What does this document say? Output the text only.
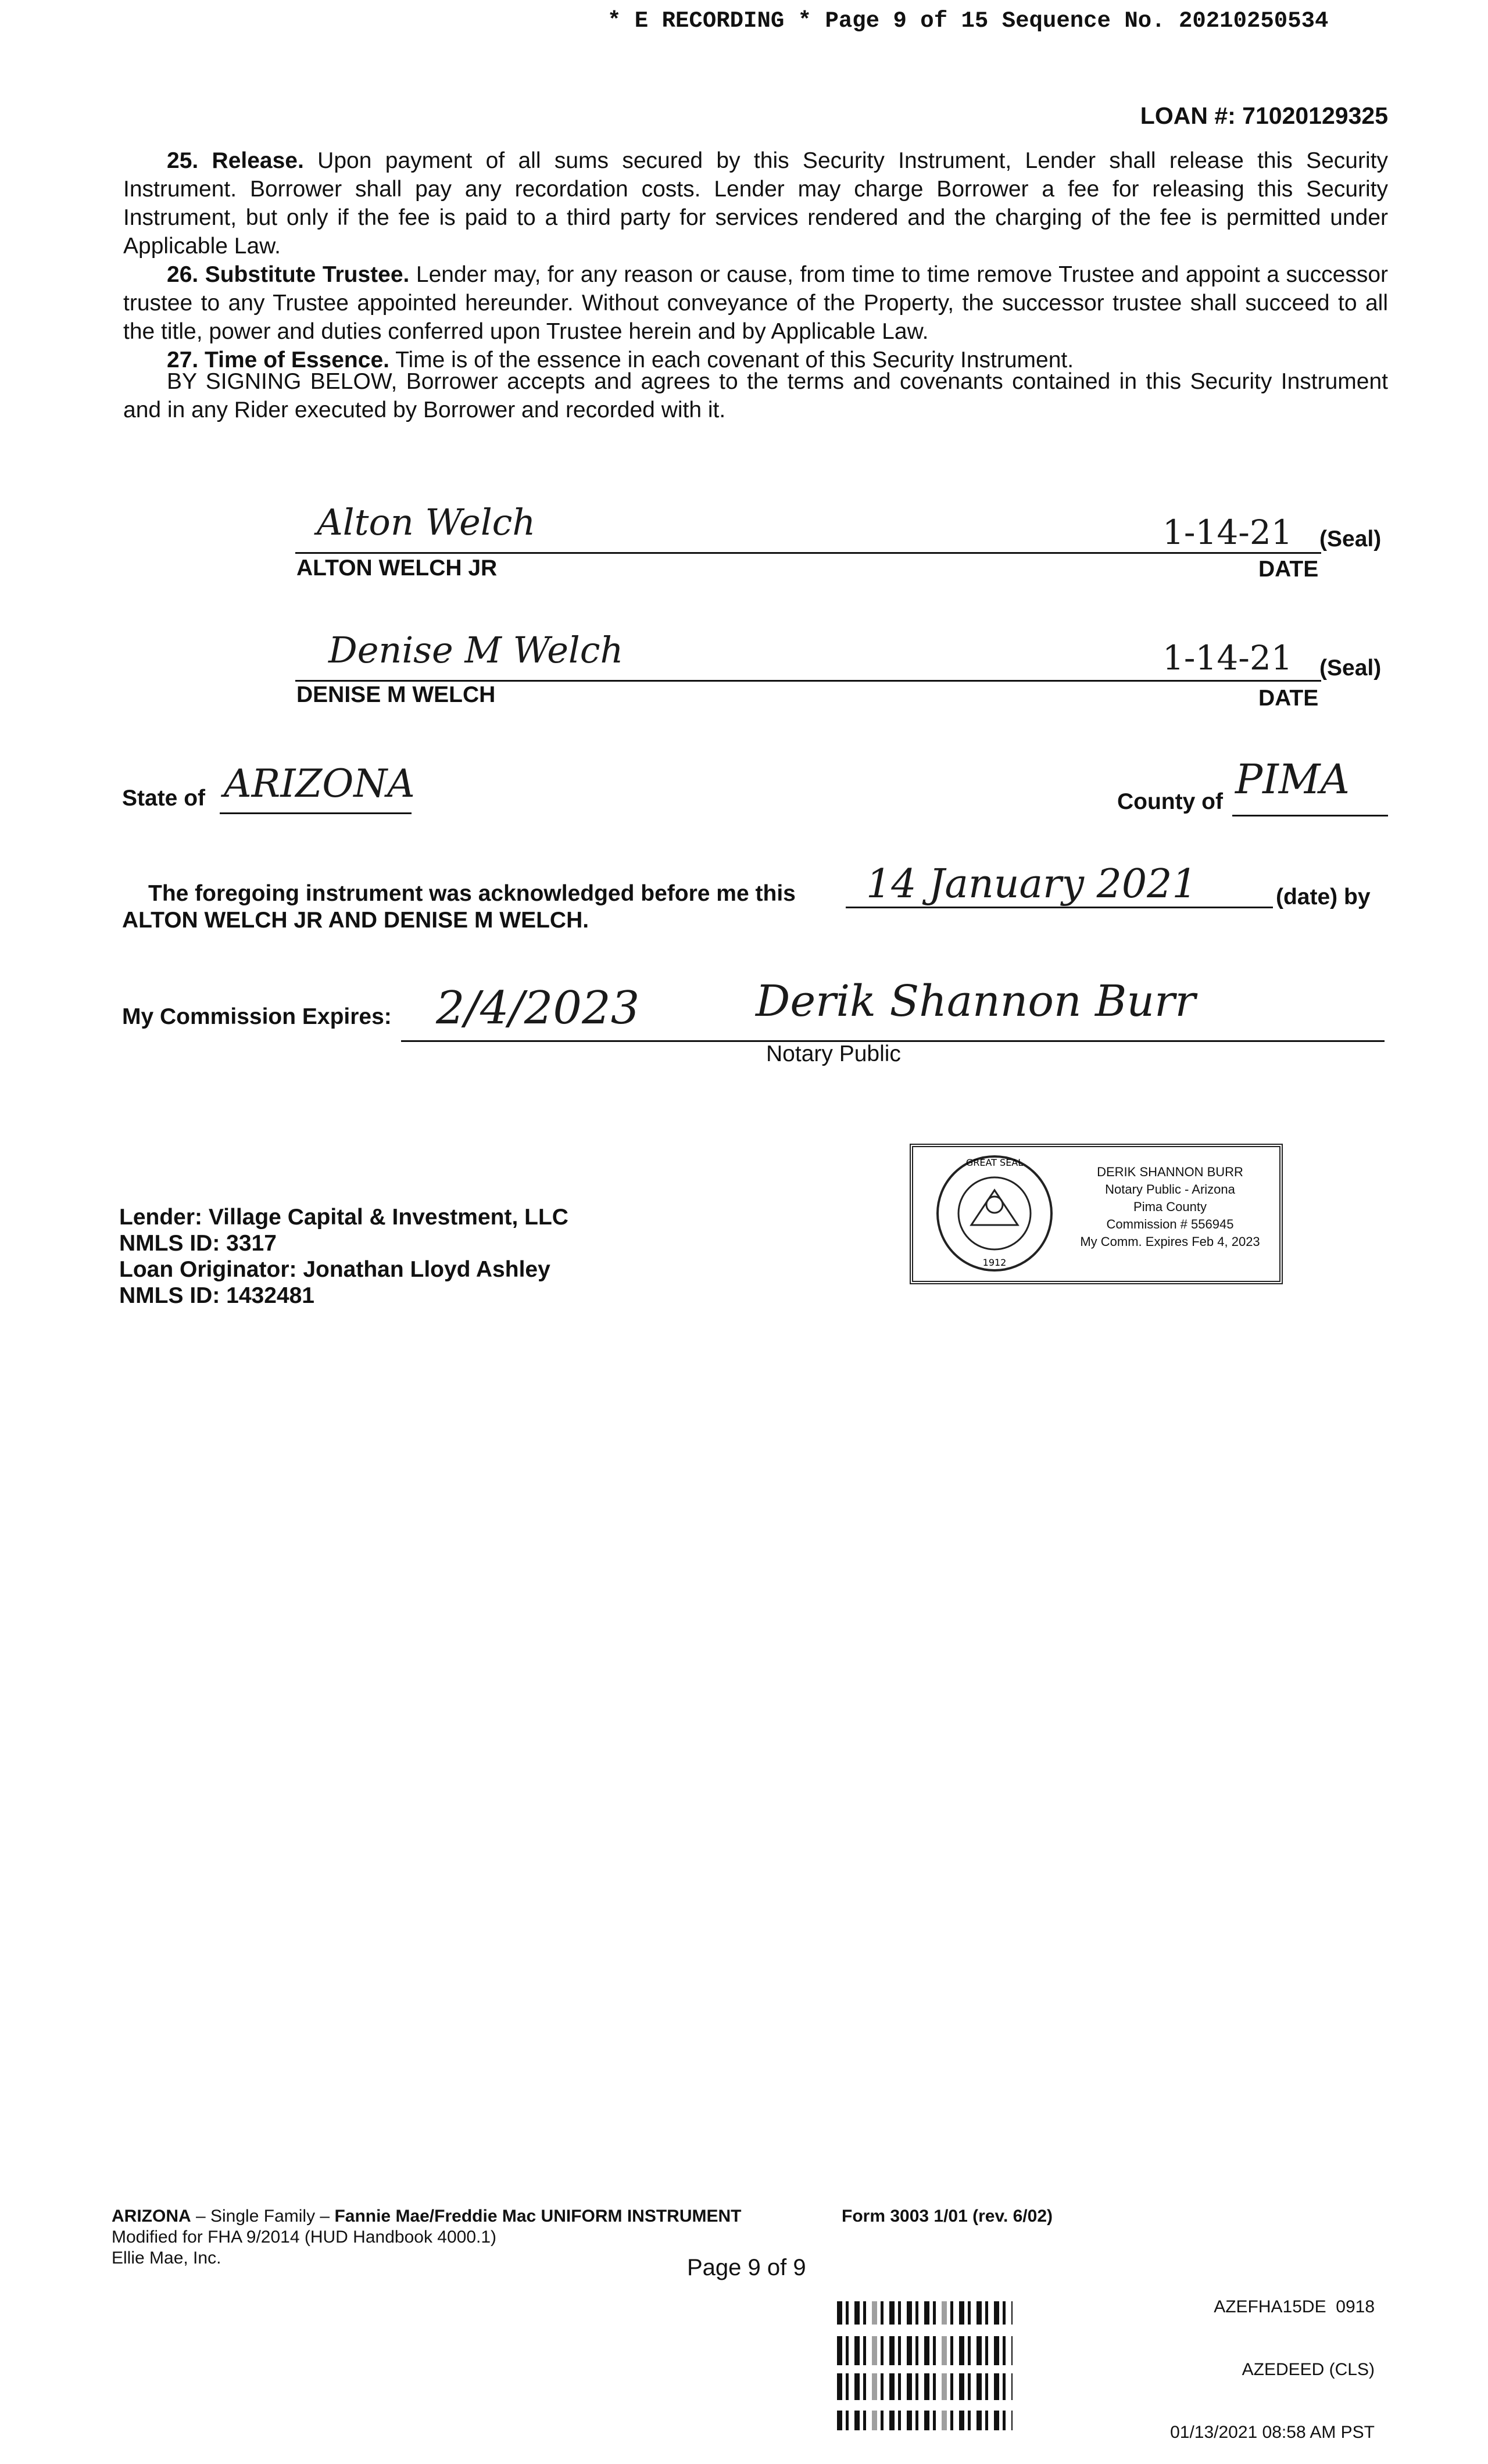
* E RECORDING * Page 9 of 15 Sequence No. 20210250534
LOAN #: 71020129325

25. Release. Upon payment of all sums secured by this Security Instrument, Lender shall release this Security Instrument. Borrower shall pay any recordation costs. Lender may charge Borrower a fee for releasing this Security Instrument, but only if the fee is paid to a third party for services rendered and the charging of the fee is permitted under Applicable Law.

26. Substitute Trustee. Lender may, for any reason or cause, from time to time remove Trustee and appoint a successor trustee to any Trustee appointed hereunder. Without conveyance of the Property, the successor trustee shall succeed to all the title, power and duties conferred upon Trustee herein and by Applicable Law.

27. Time of Essence. Time is of the essence in each covenant of this Security Instrument.

BY SIGNING BELOW, Borrower accepts and agrees to the terms and covenants contained in this Security Instrument and in any Rider executed by Borrower and recorded with it.

Alton Welch	1-14-21 (Seal)
ALTON WELCH JR	DATE
Denise M Welch	1-14-21 (Seal)
DENISE M WELCH	DATE
State of ARIZONA	County of PIMA
The foregoing instrument was acknowledged before me this 14 January 2021	(date) by
ALTON WELCH JR AND DENISE M WELCH.
My Commission Expires: 2/4/2023	Derik Shannon Burr
Notary Public
GREAT SEAL
1912
DERIK SHANNON BURR
Notary Public - Arizona
Pima County
Commission # 556945
My Comm. Expires Feb 4, 2023
Lender: Village Capital & Investment, LLC
NMLS ID: 3317
Loan Originator: Jonathan Lloyd Ashley
NMLS ID: 1432481
ARIZONA – Single Family – Fannie Mae/Freddie Mac UNIFORM INSTRUMENT
Modified for FHA 9/2014 (HUD Handbook 4000.1)
Ellie Mae, Inc.
Form 3003 1/01 (rev. 6/02)
Page 9 of 9

AZEFHA15DE  0918

AZEDEED (CLS)

01/13/2021 08:58 AM PST
